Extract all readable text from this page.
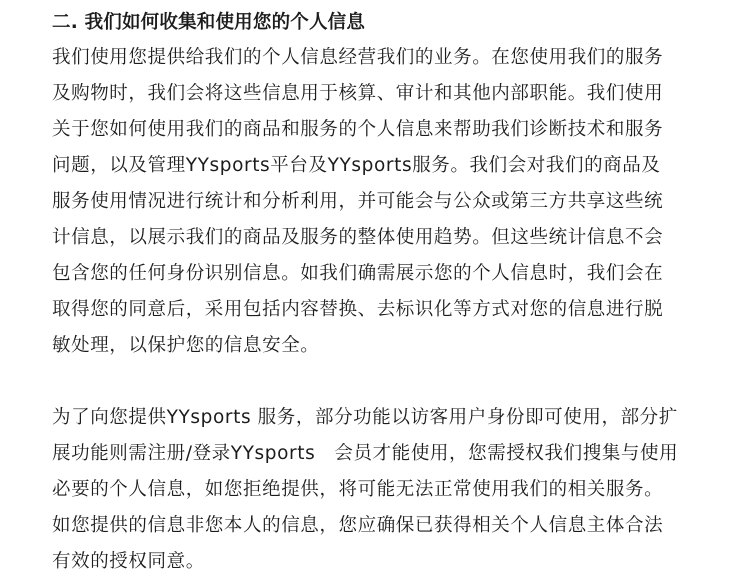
二. 我们如何收集和使用您的个人信息
我们使用您提供给我们的个人信息经营我们的业务。在您使用我们的服务
及购物时，我们会将这些信息用于核算、审计和其他内部职能。我们使用
关于您如何使用我们的商品和服务的个人信息来帮助我们诊断技术和服务
问题，以及管理YYsports平台及YYsports服务。我们会对我们的商品及
服务使用情况进行统计和分析利用，并可能会与公众或第三方共享这些统
计信息，以展示我们的商品及服务的整体使用趋势。但这些统计信息不会
包含您的任何身份识别信息。如我们确需展示您的个人信息时，我们会在
取得您的同意后，采用包括内容替换、去标识化等方式对您的信息进行脱
敏处理，以保护您的信息安全。
为了向您提供YYsports 服务，部分功能以访客用户身份即可使用，部分扩
展功能则需注册/登录YYsports　会员才能使用，您需授权我们搜集与使用
必要的个人信息，如您拒绝提供，将可能无法正常使用我们的相关服务。
如您提供的信息非您本人的信息，您应确保已获得相关个人信息主体合法
有效的授权同意。
